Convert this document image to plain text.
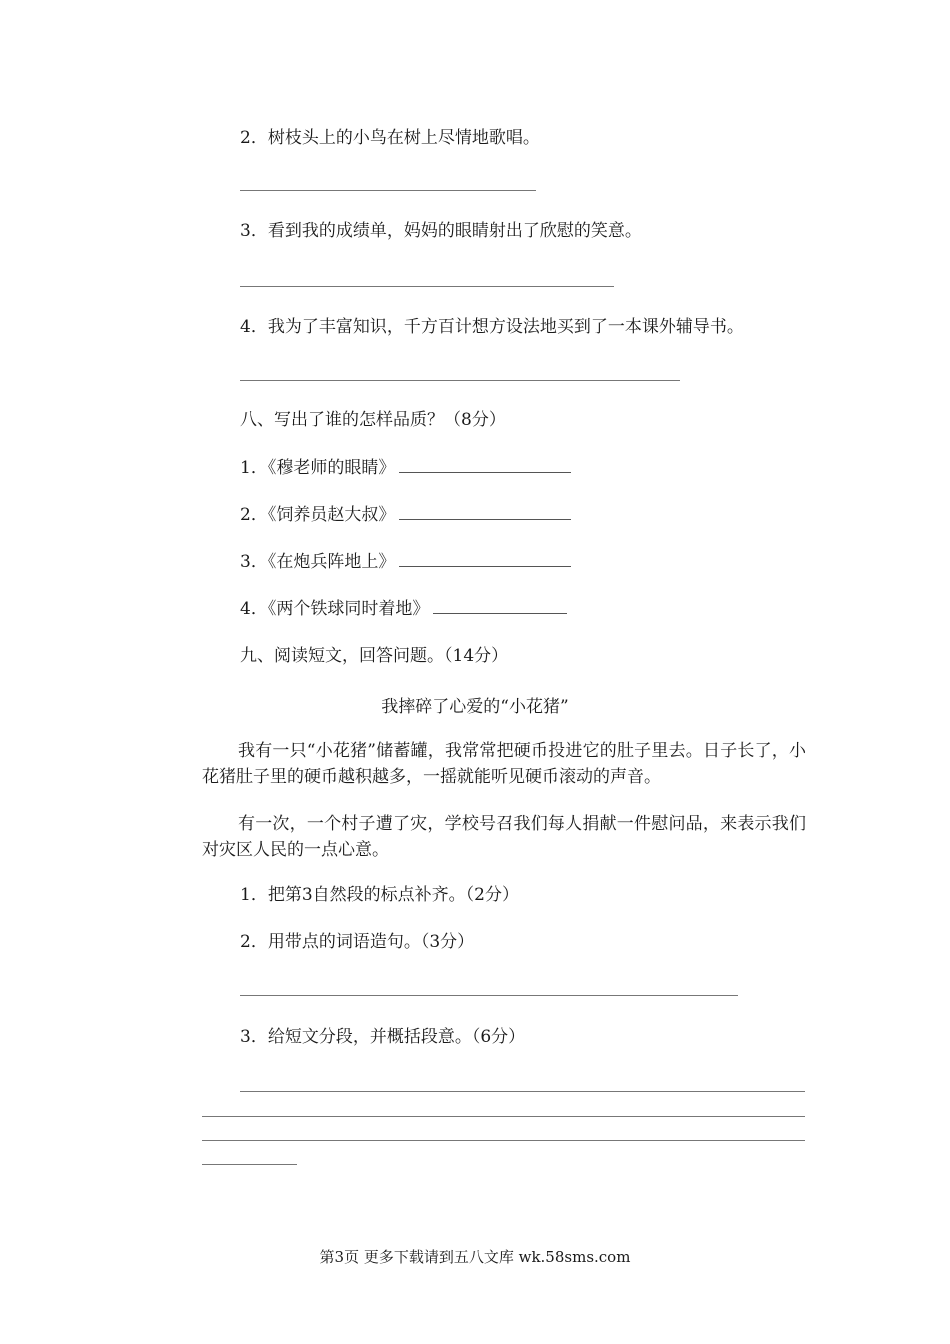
2．树枝头上的小鸟在树上尽情地歌唱。
3．看到我的成绩单，妈妈的眼睛射出了欣慰的笑意。
4．我为了丰富知识，千方百计想方设法地买到了一本课外辅导书。
八、写出了谁的怎样品质？（8分）
1．《穆老师的眼睛》
2．《饲养员赵大叔》
3．《在炮兵阵地上》
4．《两个铁球同时着地》
九、阅读短文，回答问题。（14分）
我摔碎了心爱的“小花猪”
我有一只“小花猪”储蓄罐，我常常把硬币投进它的肚子里去。日子长了，小花猪肚子里的硬币越积越多，一摇就能听见硬币滚动的声音。
有一次，一个村子遭了灾，学校号召我们每人捐献一件慰问品，来表示我们对灾区人民的一点心意。
1．把第3自然段的标点补齐。（2分）
2．用带点的词语造句。（3分）
3．给短文分段，并概括段意。（6分）
第3页 更多下载请到五八文库 wk.58sms.com
